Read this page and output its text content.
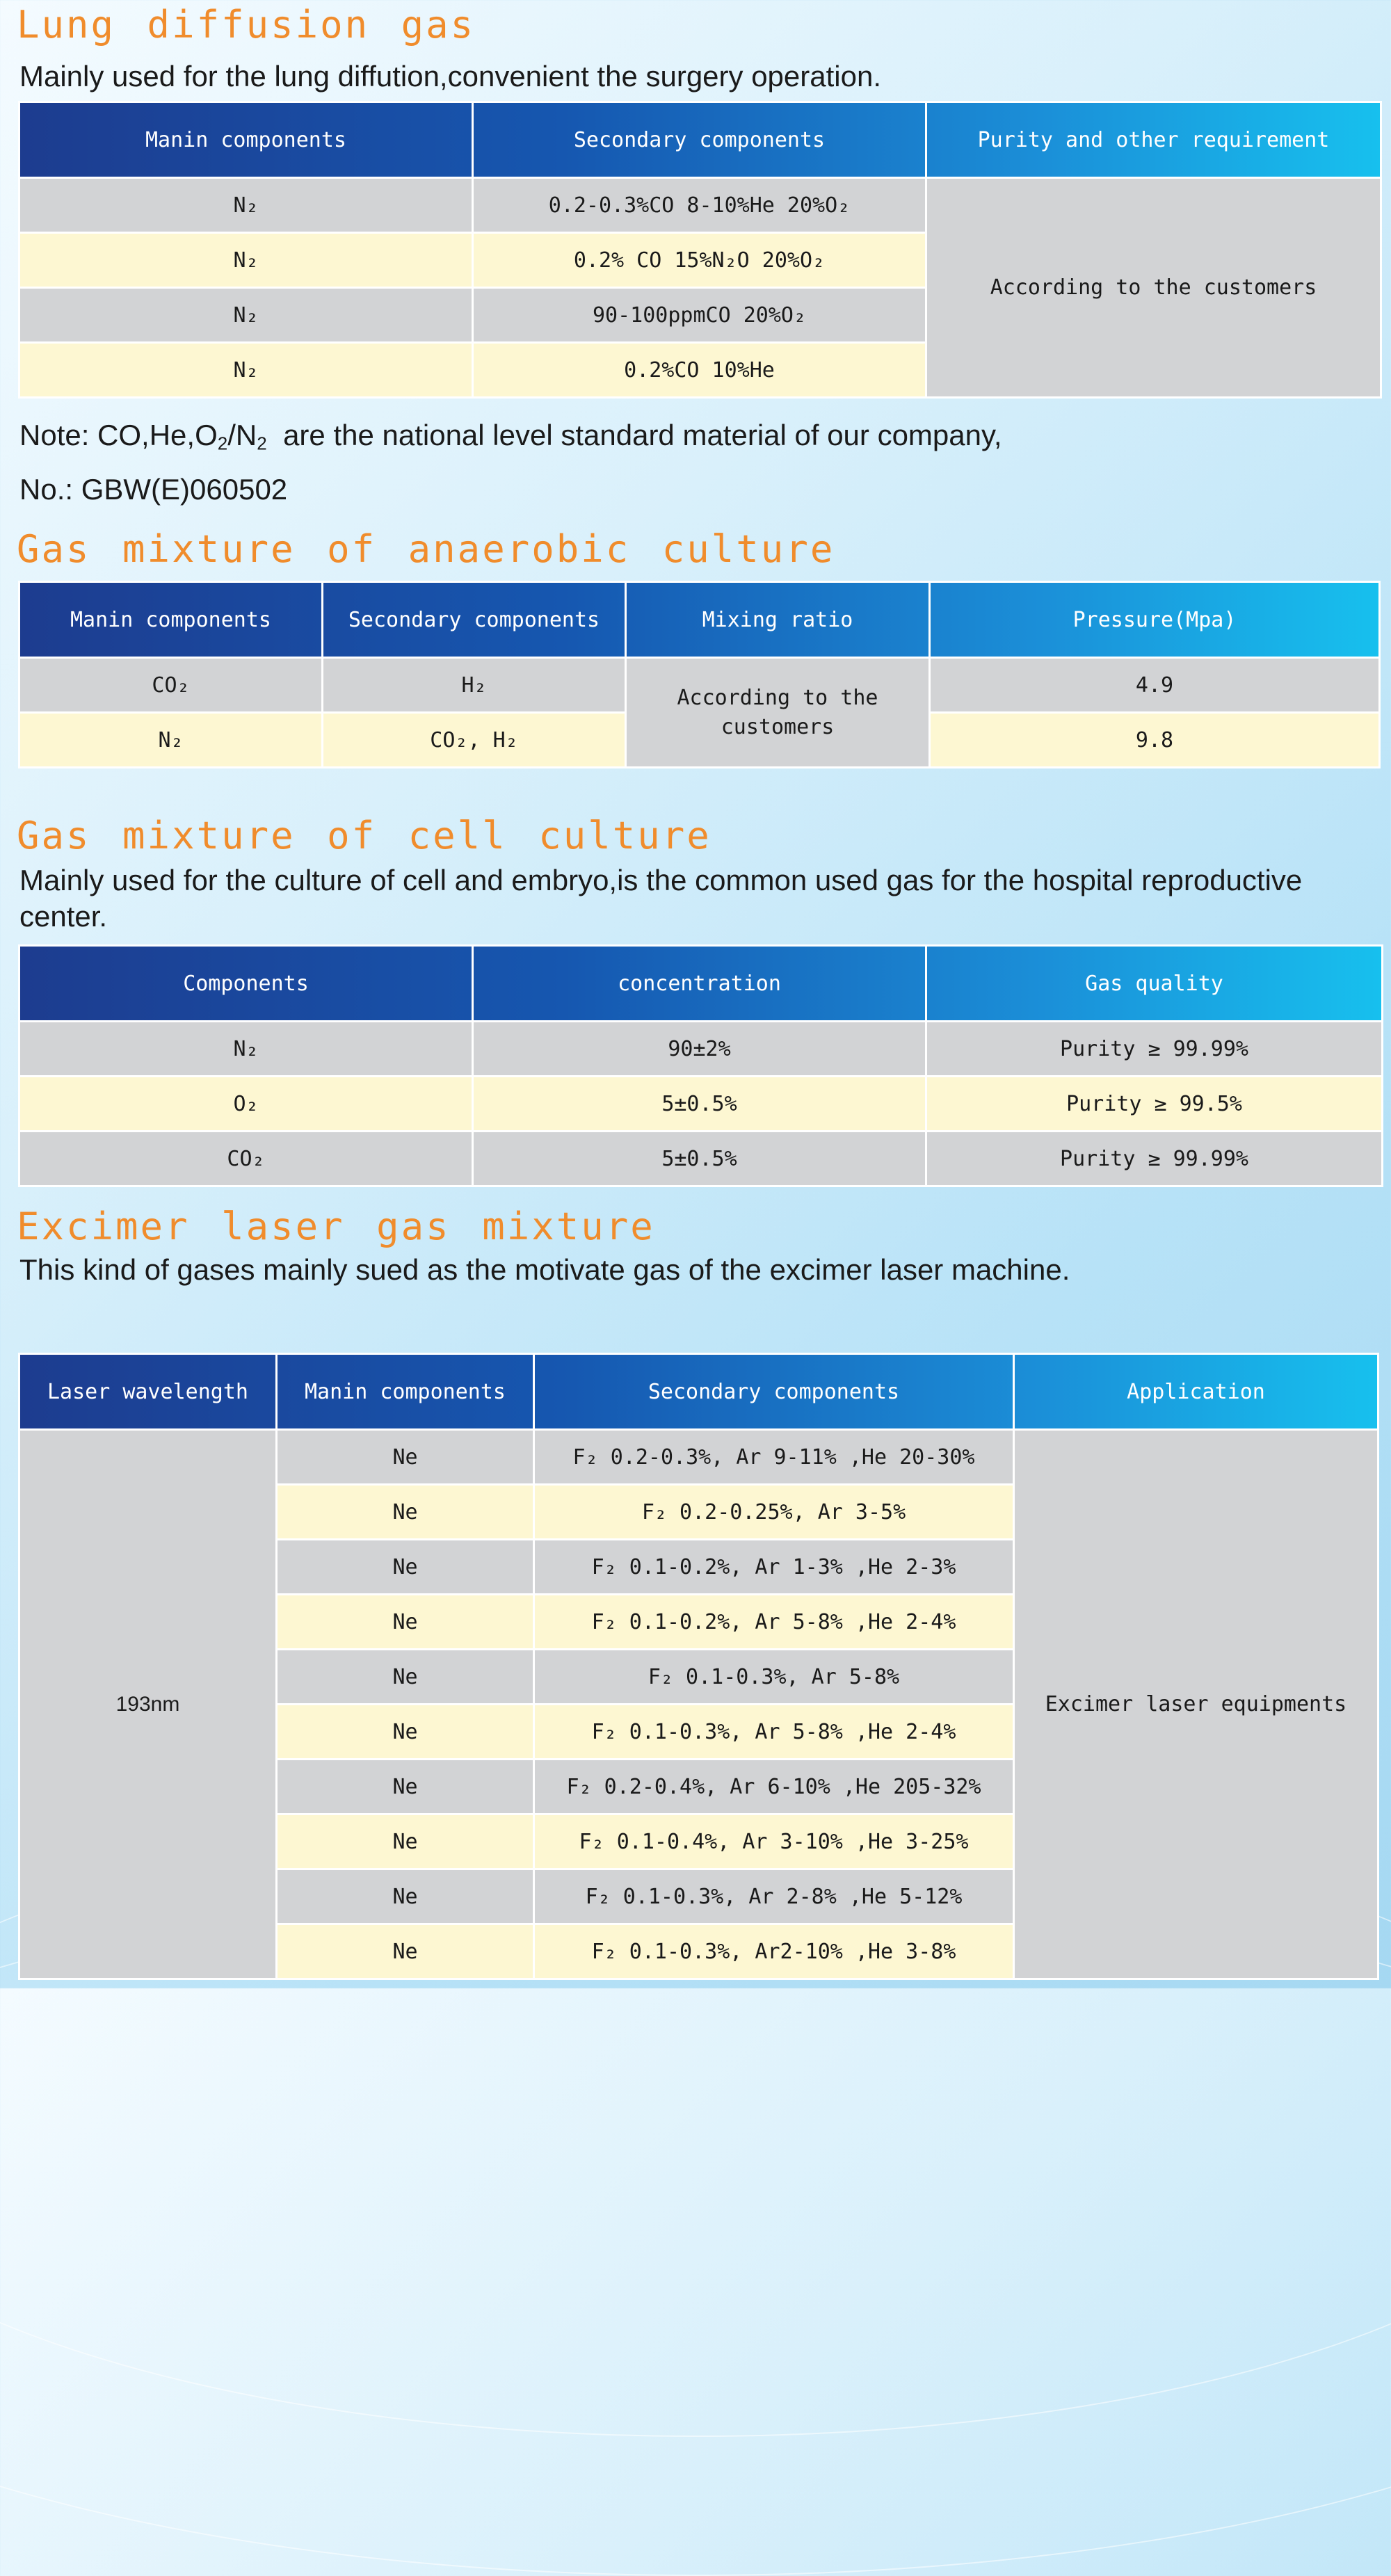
Lung diffusion gas
Mainly used for the lung diffution,convenient the surgery operation.
Manin components	Secondary components	Purity and other requirement
N₂	0.2-0.3%CO 8-10%He 20%O₂	According to the customers
N₂	0.2% CO 15%N₂O 20%O₂	
N₂	90-100ppmCO 20%O₂	
N₂	0.2%CO 10%He	
Note: $CO,He,O_2/N_2$  are the national level standard material of our company,
No.: GBW(E)060502
Gas mixture of anaerobic culture
Manin components	Secondary components	Mixing ratio	Pressure(Mpa)
CO₂	H₂	According to the customers	4.9
N₂	CO₂, H₂		9.8
Gas mixture of cell culture
Mainly used for the culture of cell and embryo,is the common used gas for the hospital reproductive center.
Components	concentration	Gas quality
N₂	90±2%	Purity ≥ 99.99%
O₂	5±0.5%	Purity ≥ 99.5%
CO₂	5±0.5%	Purity ≥ 99.99%
Excimer laser gas mixture
This kind of gases mainly sued as the motivate gas of the excimer laser machine.
Laser wavelength	Manin components	Secondary components	Application
193nm	Ne	F₂ 0.2-0.3%, Ar 9-11% ,He 20-30%	Excimer laser equipments
	Ne	F₂ 0.2-0.25%, Ar 3-5%	
	Ne	F₂ 0.1-0.2%, Ar 1-3% ,He 2-3%	
	Ne	F₂ 0.1-0.2%, Ar 5-8% ,He 2-4%	
	Ne	F₂ 0.1-0.3%, Ar 5-8%	
	Ne	F₂ 0.1-0.3%, Ar 5-8% ,He 2-4%	
	Ne	F₂ 0.2-0.4%, Ar 6-10% ,He 205-32%	
	Ne	F₂ 0.1-0.4%, Ar 3-10% ,He 3-25%	
	Ne	F₂ 0.1-0.3%, Ar 2-8% ,He 5-12%	
	Ne	F₂ 0.1-0.3%, Ar2-10% ,He 3-8%	
